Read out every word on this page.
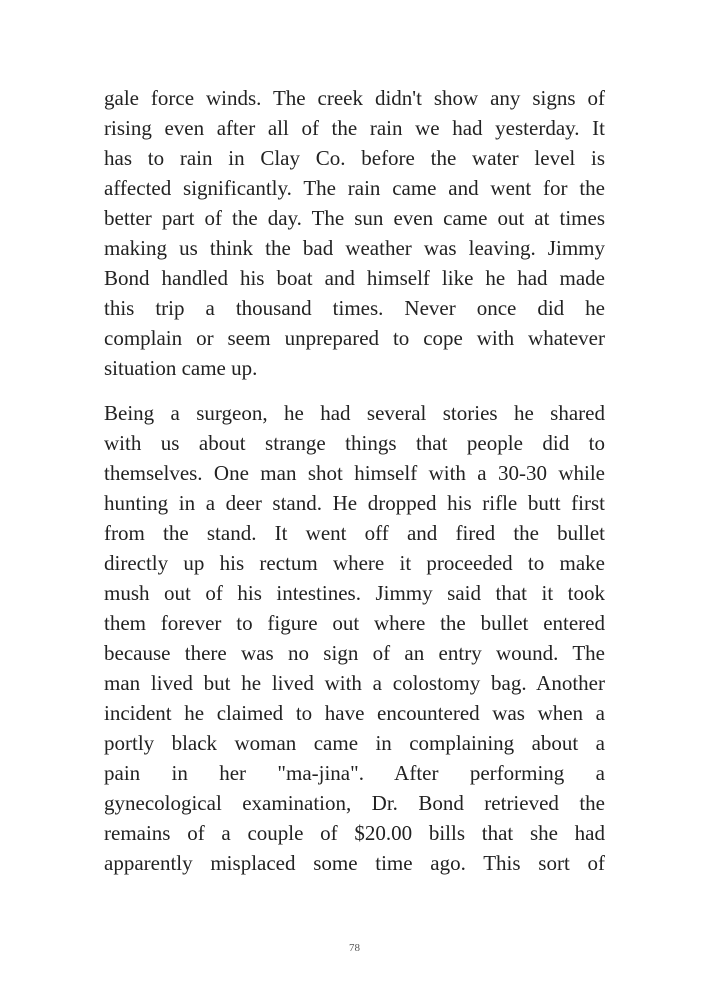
gale force winds. The creek didn't show any signs of
rising even after all of the rain we had yesterday. It
has to rain in Clay Co. before the water level is
affected significantly. The rain came and went for the
better part of the day. The sun even came out at times
making us think the bad weather was leaving. Jimmy
Bond handled his boat and himself like he had made
this trip a thousand times. Never once did he
complain or seem unprepared to cope with whatever
situation came up.
Being a surgeon, he had several stories he shared
with us about strange things that people did to
themselves. One man shot himself with a 30-30 while
hunting in a deer stand. He dropped his rifle butt first
from the stand. It went off and fired the bullet
directly up his rectum where it proceeded to make
mush out of his intestines. Jimmy said that it took
them forever to figure out where the bullet entered
because there was no sign of an entry wound. The
man lived but he lived with a colostomy bag. Another
incident he claimed to have encountered was when a
portly black woman came in complaining about a
pain in her "ma-jina". After performing a
gynecological examination, Dr. Bond retrieved the
remains of a couple of $20.00 bills that she had
apparently misplaced some time ago. This sort of
78
